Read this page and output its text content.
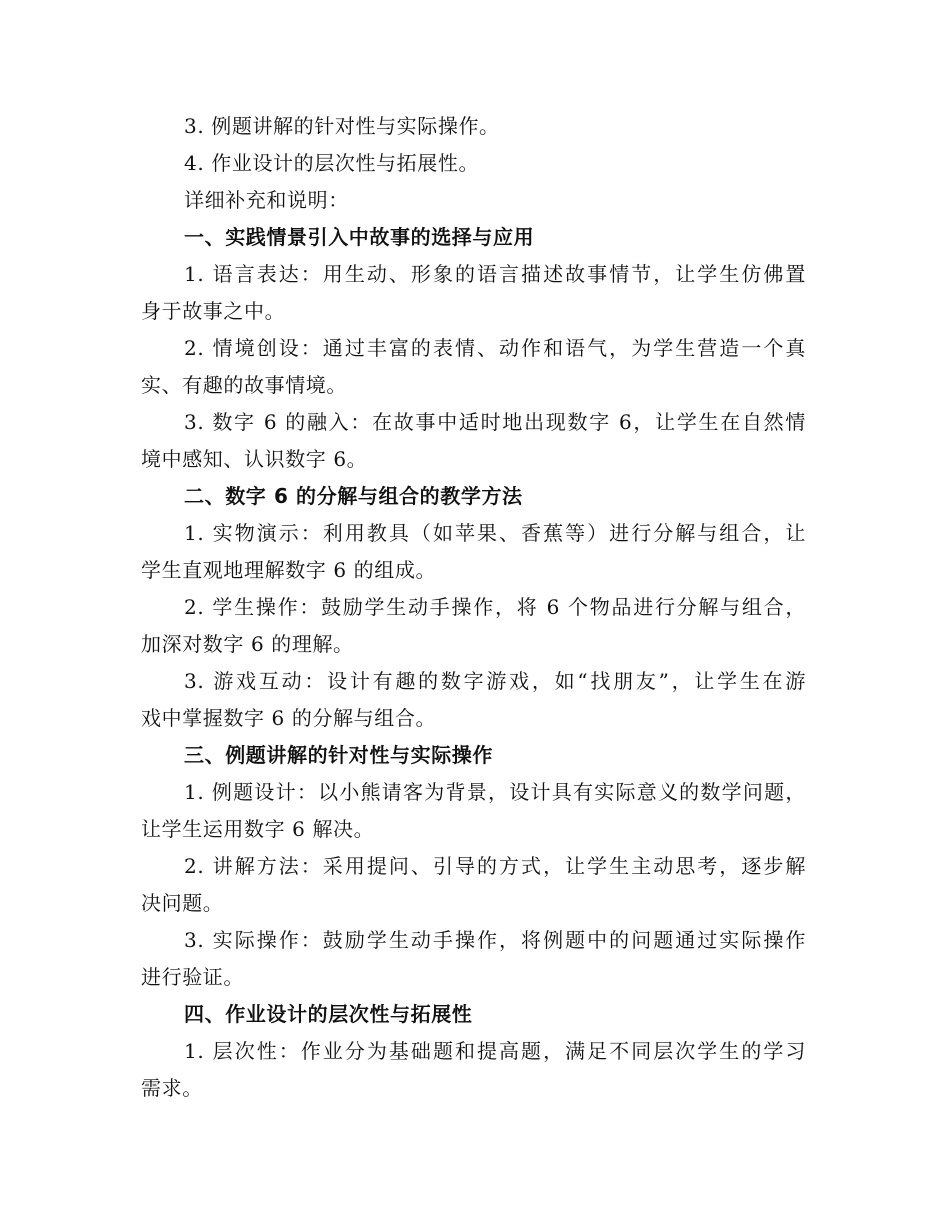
3. 例题讲解的针对性与实际操作。
4. 作业设计的层次性与拓展性。
详细补充和说明：
一、实践情景引入中故事的选择与应用
1. 语言表达：用生动、形象的语言描述故事情节，让学生仿佛置
身于故事之中。
2. 情境创设：通过丰富的表情、动作和语气，为学生营造一个真
实、有趣的故事情境。
3. 数字 6 的融入：在故事中适时地出现数字 6，让学生在自然情
境中感知、认识数字 6。
二、数字 6 的分解与组合的教学方法
1. 实物演示：利用教具（如苹果、香蕉等）进行分解与组合，让
学生直观地理解数字 6 的组成。
2. 学生操作：鼓励学生动手操作，将 6 个物品进行分解与组合，
加深对数字 6 的理解。
3. 游戏互动：设计有趣的数字游戏，如“找朋友”，让学生在游
戏中掌握数字 6 的分解与组合。
三、例题讲解的针对性与实际操作
1. 例题设计：以小熊请客为背景，设计具有实际意义的数学问题，
让学生运用数字 6 解决。
2. 讲解方法：采用提问、引导的方式，让学生主动思考，逐步解
决问题。
3. 实际操作：鼓励学生动手操作，将例题中的问题通过实际操作
进行验证。
四、作业设计的层次性与拓展性
1. 层次性：作业分为基础题和提高题，满足不同层次学生的学习
需求。
